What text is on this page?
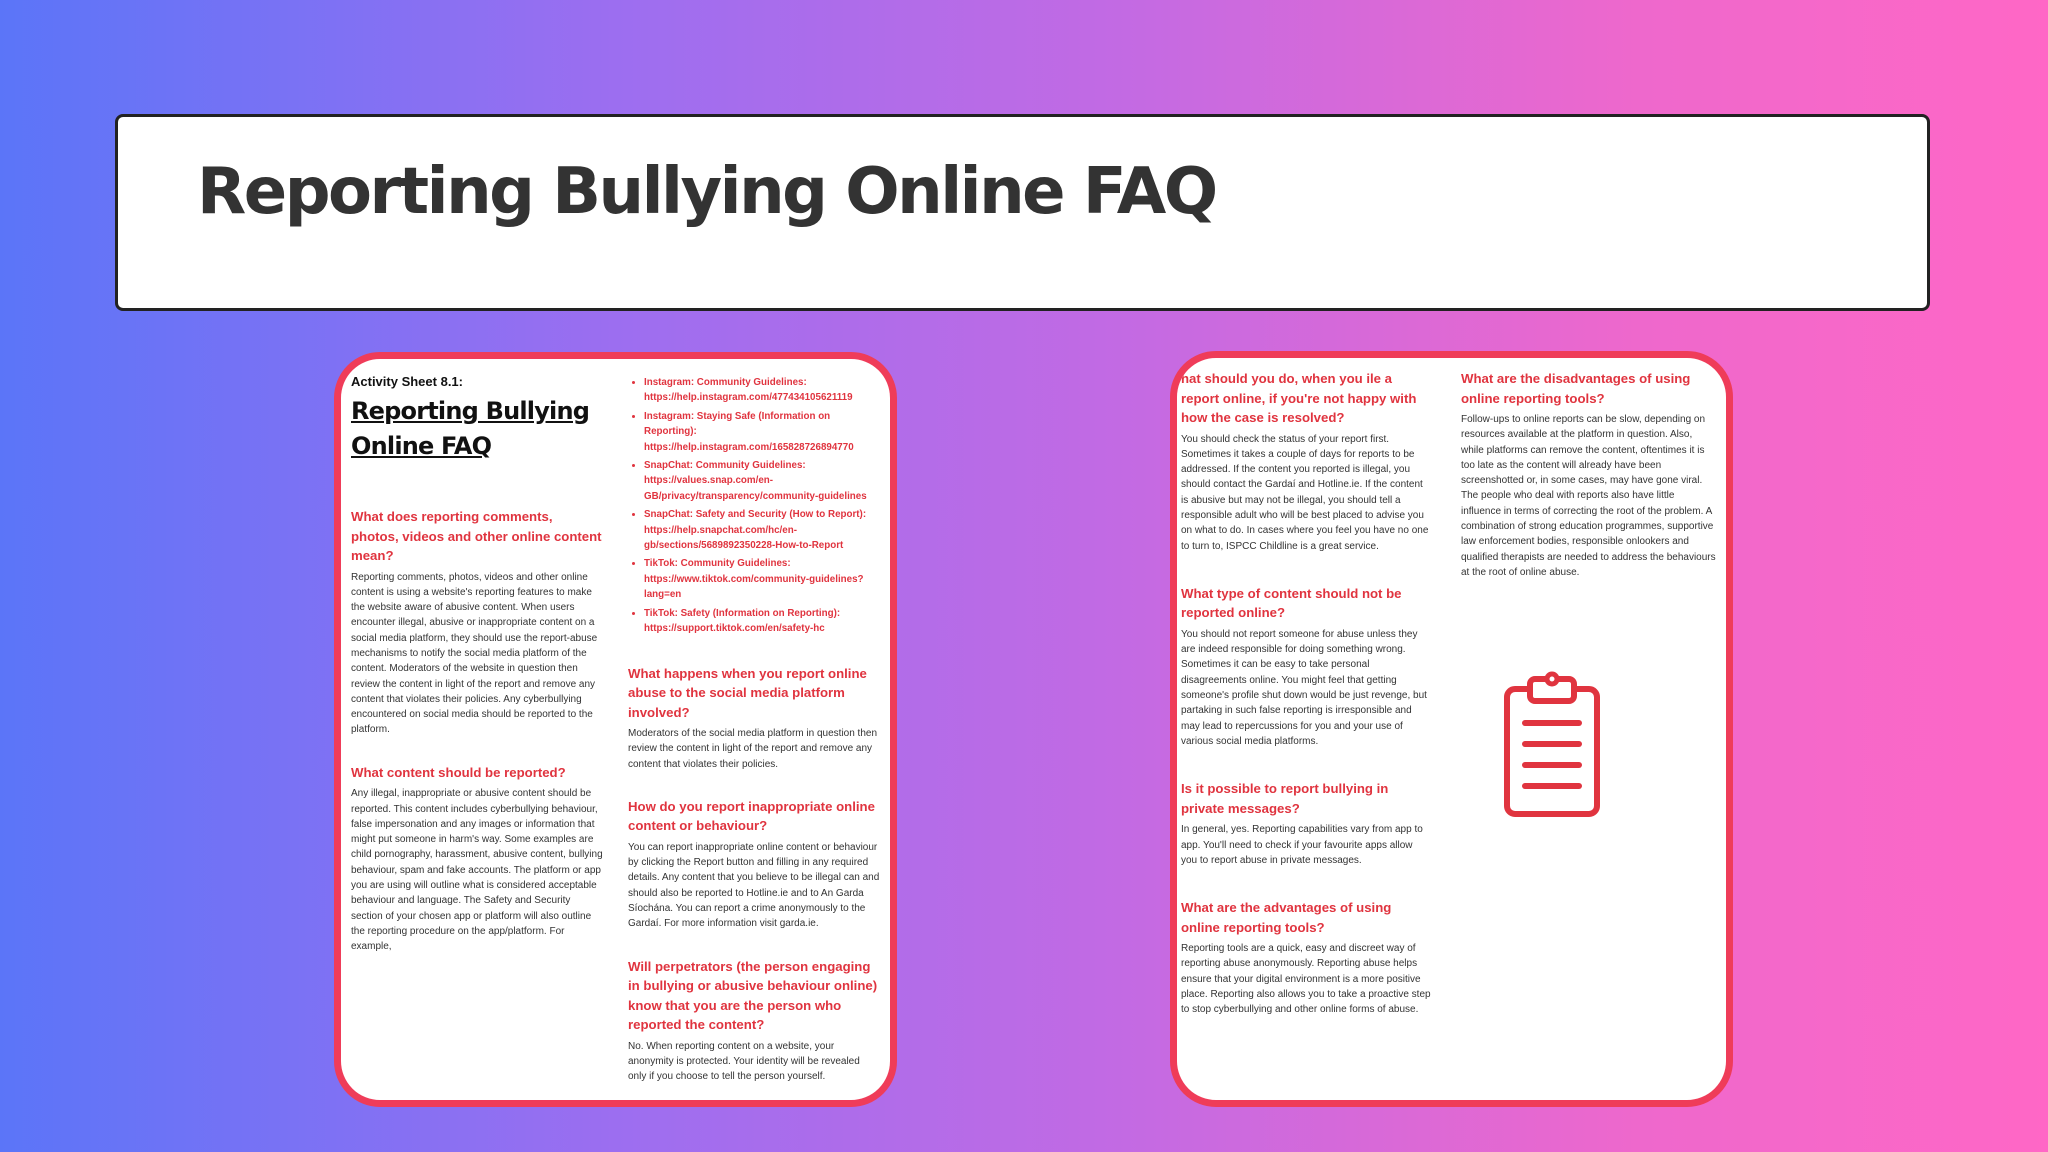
Reporting Bullying Online FAQ
Activity Sheet 8.1:
Reporting Bullying
Online FAQ

What does reporting comments, photos, videos and other online content mean?

Reporting comments, photos, videos and other online content is using a website's reporting features to make the website aware of abusive content. When users encounter illegal, abusive or inappropriate content on a social media platform, they should use the report-abuse mechanisms to notify the social media platform of the content. Moderators of the website in question then review the content in light of the report and remove any content that violates their policies. Any cyberbullying encountered on social media should be reported to the platform.

What content should be reported?

Any illegal, inappropriate or abusive content should be reported. This content includes cyberbullying behaviour, false impersonation and any images or information that might put someone in harm's way. Some examples are child pornography, harassment, abusive content, bullying behaviour, spam and fake accounts. The platform or app you are using will outline what is considered acceptable behaviour and language. The Safety and Security section of your chosen app or platform will also outline the reporting procedure on the app/platform. For example,

• Instagram: Community Guidelines: https://help.instagram.com/477434105621119
• Instagram: Staying Safe (Information on Reporting): https://help.instagram.com/165828726894770
• SnapChat: Community Guidelines: https://values.snap.com/en-GB/privacy/transparency/community-guidelines
• SnapChat: Safety and Security (How to Report): https://help.snapchat.com/hc/en-gb/sections/5689892350228-How-to-Report
• TikTok: Community Guidelines: https://www.tiktok.com/community-guidelines?lang=en
• TikTok: Safety (Information on Reporting): https://support.tiktok.com/en/safety-hc

What happens when you report online abuse to the social media platform involved?

Moderators of the social media platform in question then review the content in light of the report and remove any content that violates their policies.

How do you report inappropriate online content or behaviour?

You can report inappropriate online content or behaviour by clicking the Report button and filling in any required details. Any content that you believe to be illegal can and should also be reported to Hotline.ie and to An Garda Síochána. You can report a crime anonymously to the Gardaí. For more information visit garda.ie.

Will perpetrators (the person engaging in bullying or abusive behaviour online) know that you are the person who reported the content?

No. When reporting content on a website, your anonymity is protected. Your identity will be revealed only if you choose to tell the person yourself.

hat should you do, when you ile a report online, if you're not happy with how the case is resolved?

You should check the status of your report first. Sometimes it takes a couple of days for reports to be addressed. If the content you reported is illegal, you should contact the Gardaí and Hotline.ie. If the content is abusive but may not be illegal, you should tell a responsible adult who will be best placed to advise you on what to do. In cases where you feel you have no one to turn to, ISPCC Childline is a great service.

What type of content should not be reported online?

You should not report someone for abuse unless they are indeed responsible for doing something wrong. Sometimes it can be easy to take personal disagreements online. You might feel that getting someone's profile shut down would be just revenge, but partaking in such false reporting is irresponsible and may lead to repercussions for you and your use of various social media platforms.

Is it possible to report bullying in private messages?

In general, yes. Reporting capabilities vary from app to app. You'll need to check if your favourite apps allow you to report abuse in private messages.

What are the advantages of using online reporting tools?

Reporting tools are a quick, easy and discreet way of reporting abuse anonymously. Reporting abuse helps ensure that your digital environment is a more positive place. Reporting also allows you to take a proactive step to stop cyberbullying and other online forms of abuse.

What are the disadvantages of using online reporting tools?

Follow-ups to online reports can be slow, depending on resources available at the platform in question. Also, while platforms can remove the content, oftentimes it is too late as the content will already have been screenshotted or, in some cases, may have gone viral. The people who deal with reports also have little influence in terms of correcting the root of the problem. A combination of strong education programmes, supportive law enforcement bodies, responsible onlookers and qualified therapists are needed to address the behaviours at the root of online abuse.
